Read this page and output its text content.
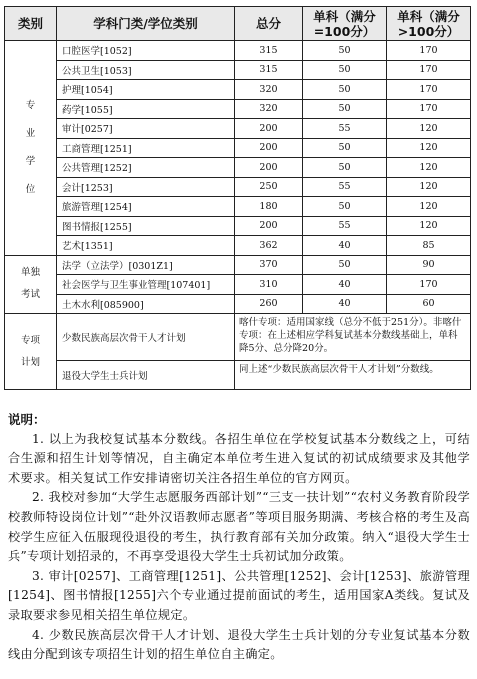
类别	学科门类/学位类别	总分	单科（满分=100分）	单科（满分>100分）

专
业
学
位	口腔医学[1052]	315	50	170
	公共卫生[1053]	315	50	170
	护理[1054]	320	50	170
	药学[1055]	320	50	170
	审计[0257]	200	55	120
	工商管理[1251]	200	50	120
	公共管理[1252]	200	50	120
	会计[1253]	250	55	120
	旅游管理[1254]	180	50	120
	图书情报[1255]	200	55	120
	艺术[1351]	362	40	85

单独
考试	法学（立法学）[0301Z1]	370	50	90
	社会医学与卫生事业管理[107401]	310	40	170
	土木水利[085900]	260	40	60

专项
计划	少数民族高层次骨干人才计划	喀什专项：适用国家线（总分不低于251分）。非喀什专项：在上述相应学科复试基本分数线基础上，单科降5分、总分降20分。		
	退役大学生士兵计划	同上述“少数民族高层次骨干人才计划”分数线。		
说明：

1. 以上为我校复试基本分数线。各招生单位在学校复试基本分数线之上，可结合生源和招生计划等情况，自主确定本单位考生进入复试的初试成绩要求及其他学术要求。相关复试工作安排请密切关注各招生单位的官方网页。

2. 我校对参加“大学生志愿服务西部计划”“三支一扶计划”“农村义务教育阶段学校教师特设岗位计划”“赴外汉语教师志愿者”等项目服务期满、考核合格的考生及高校学生应征入伍服现役退役的考生，执行教育部有关加分政策。纳入“退役大学生士兵”专项计划招录的，不再享受退役大学生士兵初试加分政策。

3. 审计[0257]、工商管理[1251]、公共管理[1252]、会计[1253]、旅游管理[1254]、图书情报[1255]六个专业通过提前面试的考生，适用国家A类线。复试及录取要求参见相关招生单位规定。

4. 少数民族高层次骨干人才计划、退役大学生士兵计划的分专业复试基本分数线由分配到该专项招生计划的招生单位自主确定。
